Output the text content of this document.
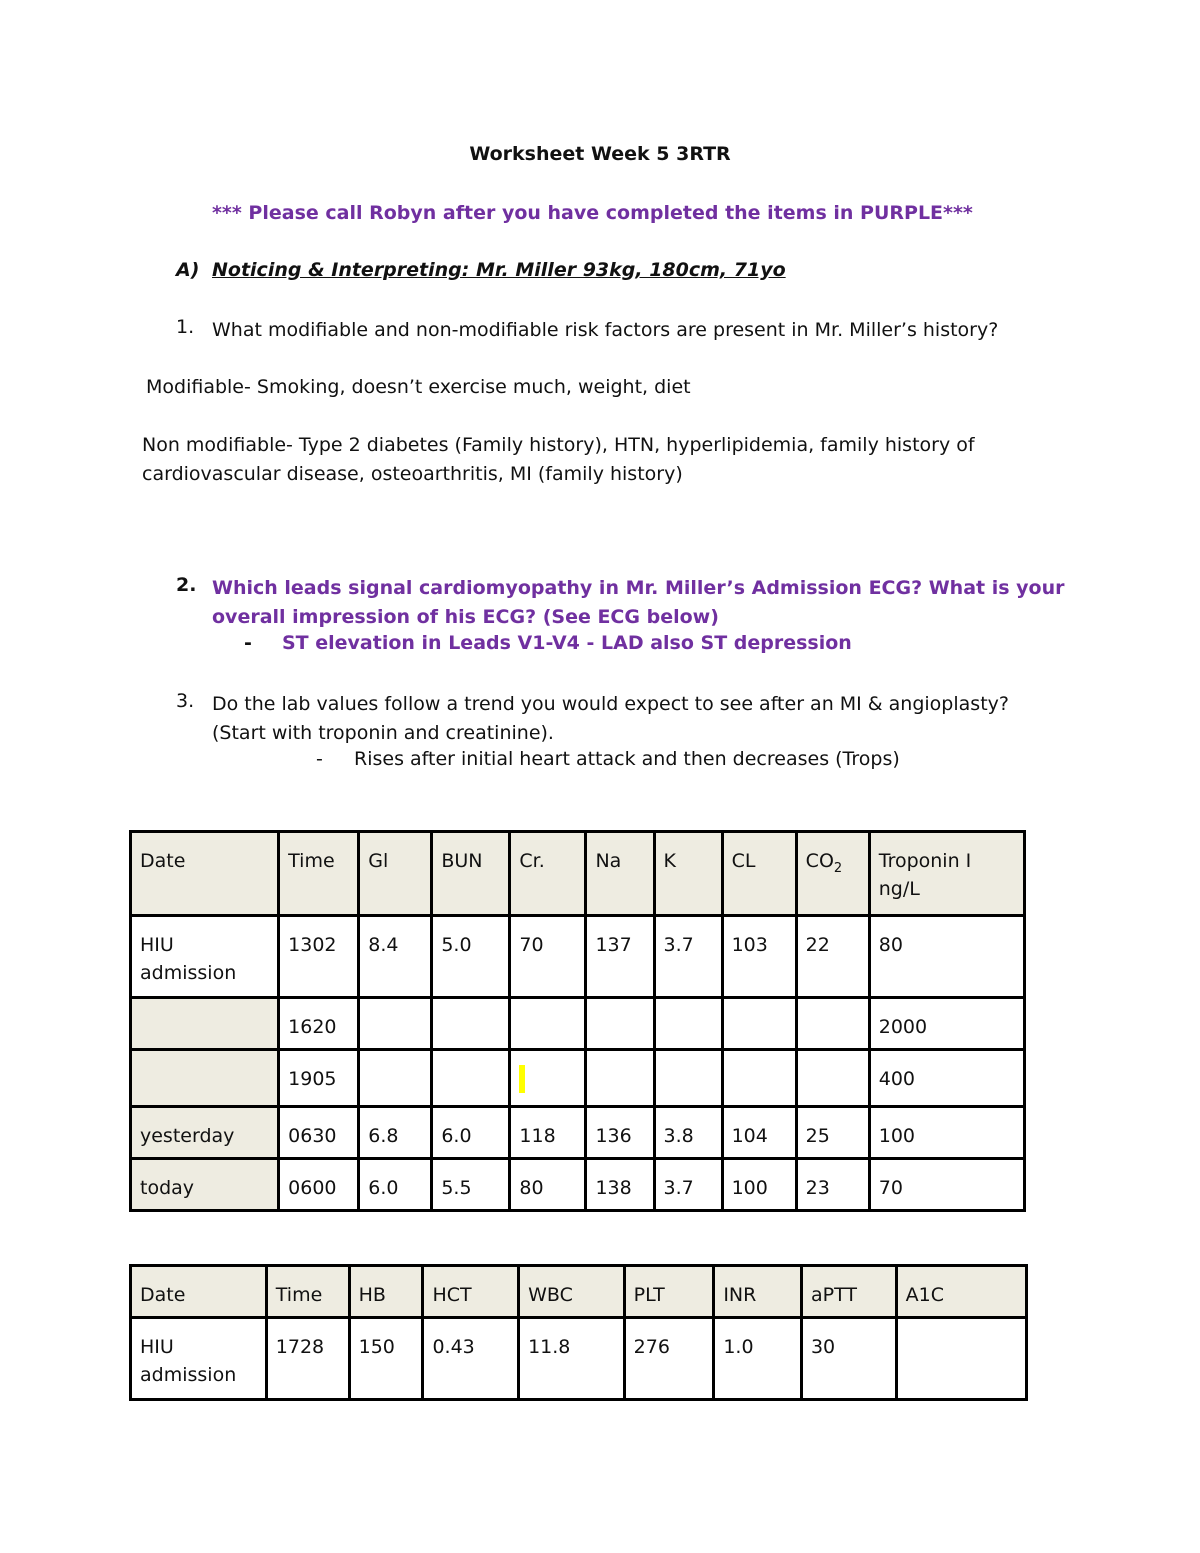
Worksheet Week 5 3RTR
*** Please call Robyn after you have completed the items in PURPLE***
A) Noticing & Interpreting: Mr. Miller 93kg, 180cm, 71yo
1. What modifiable and non-modifiable risk factors are present in Mr. Miller’s history?
Modifiable- Smoking, doesn’t exercise much, weight, diet
Non modifiable- Type 2 diabetes (Family history), HTN, hyperlipidemia, family history of
cardiovascular disease, osteoarthritis, MI (family history)
2. Which leads signal cardiomyopathy in Mr. Miller’s Admission ECG? What is your
overall impression of his ECG? (See ECG below)
- ST elevation in Leads V1-V4 - LAD also ST depression
3. Do the lab values follow a trend you would expect to see after an MI & angioplasty?
(Start with troponin and creatinine).
- Rises after initial heart attack and then decreases (Trops)
Date	Time	Gl	BUN	Cr.	Na	K	CL	$CO_2$	Troponin I
ng/L

HIU
admission	1302	8.4	5.0	70	137	3.7	103	22	80
	1620								2000
	1905								400
yesterday	0630	6.8	6.0	118	136	3.8	104	25	100
today	0600	6.0	5.5	80	138	3.7	100	23	70
Date	Time	HB	HCT	WBC	PLT	INR	aPTT	A1C

HIU
admission	1728	150	0.43	11.8	276	1.0	30	
